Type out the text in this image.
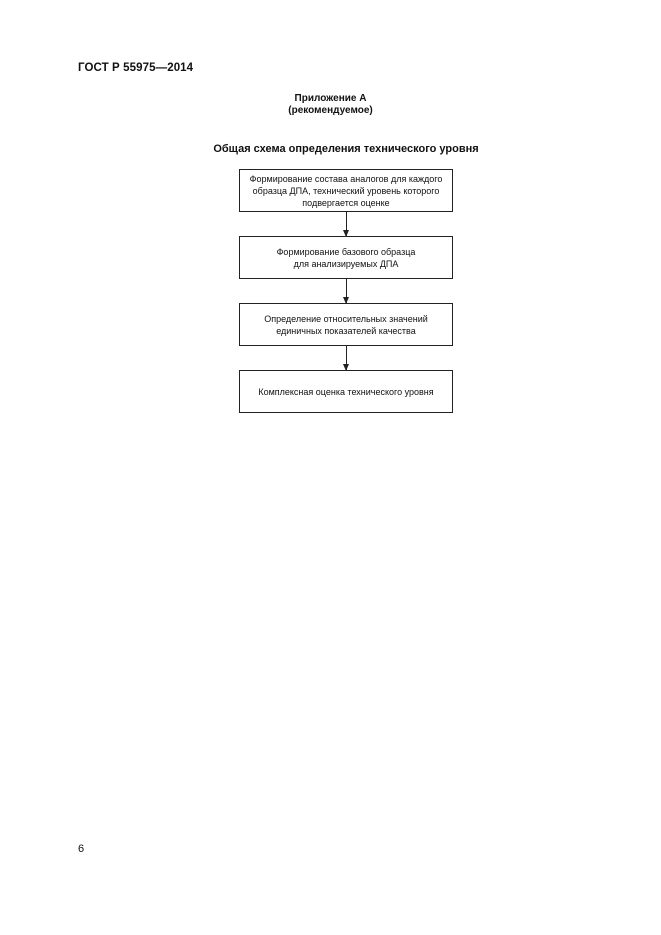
ГОСТ Р 55975—2014
Приложение А
(рекомендуемое)
Общая схема определения технического уровня
Формирование состава аналогов для каждого
образца ДПА, технический уровень которого
подвергается оценке
Формирование базового образца
для анализируемых ДПА
Определение относительных значений
единичных показателей качества
Комплексная оценка технического уровня
6
